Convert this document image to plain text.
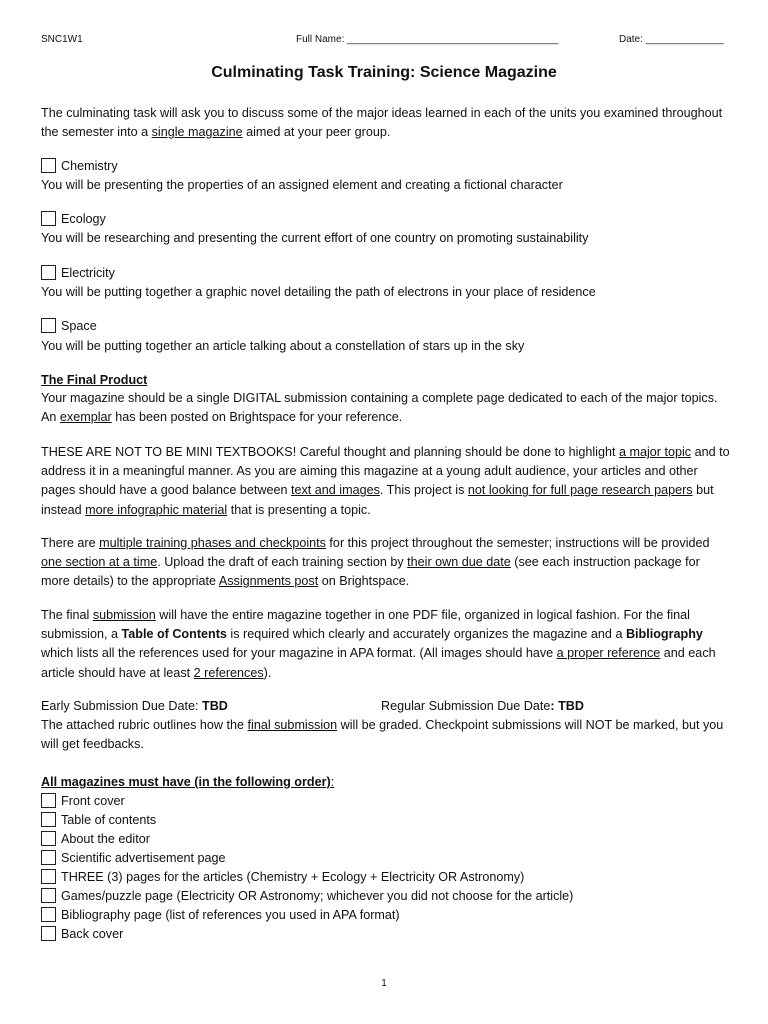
SNC1W1	Full Name: ______________________________________	Date: ______________
Culminating Task Training: Science Magazine
The culminating task will ask you to discuss some of the major ideas learned in each of the units you examined throughout the semester into a single magazine aimed at your peer group.
Chemistry
You will be presenting the properties of an assigned element and creating a fictional character
Ecology
You will be researching and presenting the current effort of one country on promoting sustainability
Electricity
You will be putting together a graphic novel detailing the path of electrons in your place of residence
Space
You will be putting together an article talking about a constellation of stars up in the sky
The Final Product
Your magazine should be a single DIGITAL submission containing a complete page dedicated to each of the major topics. An exemplar has been posted on Brightspace for your reference.
THESE ARE NOT TO BE MINI TEXTBOOKS! Careful thought and planning should be done to highlight a major topic and to address it in a meaningful manner. As you are aiming this magazine at a young adult audience, your articles and other pages should have a good balance between text and images. This project is not looking for full page research papers but instead more infographic material that is presenting a topic.
There are multiple training phases and checkpoints for this project throughout the semester; instructions will be provided one section at a time. Upload the draft of each training section by their own due date (see each instruction package for more details) to the appropriate Assignments post on Brightspace.
The final submission will have the entire magazine together in one PDF file, organized in logical fashion. For the final submission, a Table of Contents is required which clearly and accurately organizes the magazine and a Bibliography which lists all the references used for your magazine in APA format. (All images should have a proper reference and each article should have at least 2 references).
Early Submission Due Date: TBD	Regular Submission Due Date: TBD
The attached rubric outlines how the final submission will be graded. Checkpoint submissions will NOT be marked, but you will get feedbacks.
All magazines must have (in the following order):
Front cover
Table of contents
About the editor
Scientific advertisement page
THREE (3) pages for the articles (Chemistry + Ecology + Electricity OR Astronomy)
Games/puzzle page (Electricity OR Astronomy; whichever you did not choose for the article)
Bibliography page (list of references you used in APA format)
Back cover
1
